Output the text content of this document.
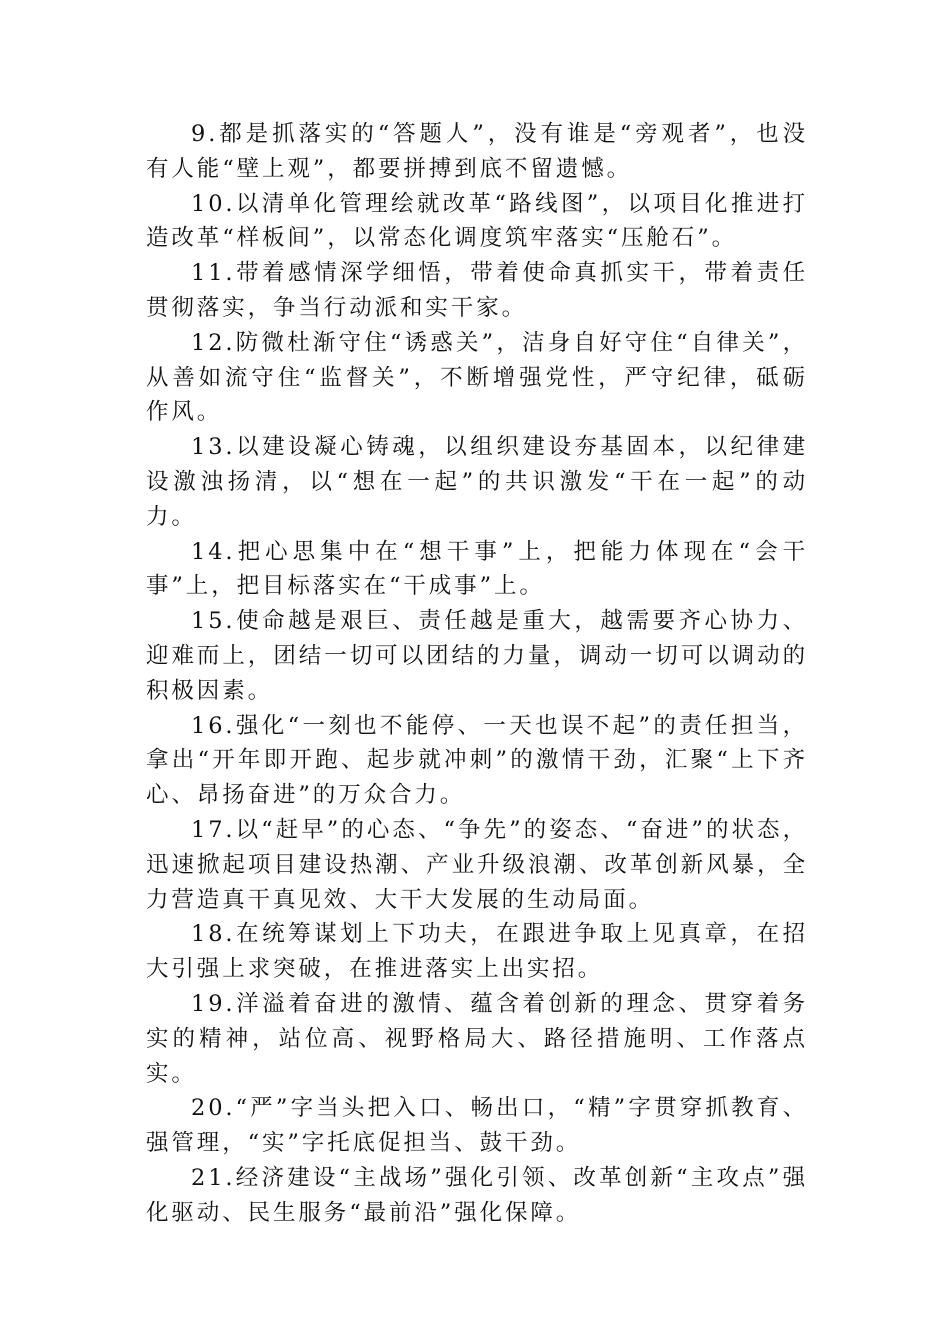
9.都是抓落实的“答题人”，没有谁是“旁观者”，也没有人能“壁上观”，都要拼搏到底不留遗憾。

10.以清单化管理绘就改革“路线图”，以项目化推进打造改革“样板间”，以常态化调度筑牢落实“压舱石”。

11.带着感情深学细悟，带着使命真抓实干，带着责任贯彻落实，争当行动派和实干家。

12.防微杜渐守住“诱惑关”，洁身自好守住“自律关”，从善如流守住“监督关”，不断增强党性，严守纪律，砥砺作风。

13.以建设凝心铸魂，以组织建设夯基固本，以纪律建设激浊扬清，以“想在一起”的共识激发“干在一起”的动力。

14.把心思集中在“想干事”上，把能力体现在“会干事”上，把目标落实在“干成事”上。

15.使命越是艰巨、责任越是重大，越需要齐心协力、迎难而上，团结一切可以团结的力量，调动一切可以调动的积极因素。

16.强化“一刻也不能停、一天也误不起”的责任担当，拿出“开年即开跑、起步就冲刺”的激情干劲，汇聚“上下齐心、昂扬奋进”的万众合力。

17.以“赶早”的心态、“争先”的姿态、“奋进”的状态，迅速掀起项目建设热潮、产业升级浪潮、改革创新风暴，全力营造真干真见效、大干大发展的生动局面。

18.在统筹谋划上下功夫，在跟进争取上见真章，在招大引强上求突破，在推进落实上出实招。

19.洋溢着奋进的激情、蕴含着创新的理念、贯穿着务实的精神，站位高、视野格局大、路径措施明、工作落点实。

20.“严”字当头把入口、畅出口，“精”字贯穿抓教育、强管理，“实”字托底促担当、鼓干劲。

21.经济建设“主战场”强化引领、改革创新“主攻点”强化驱动、民生服务“最前沿”强化保障。
